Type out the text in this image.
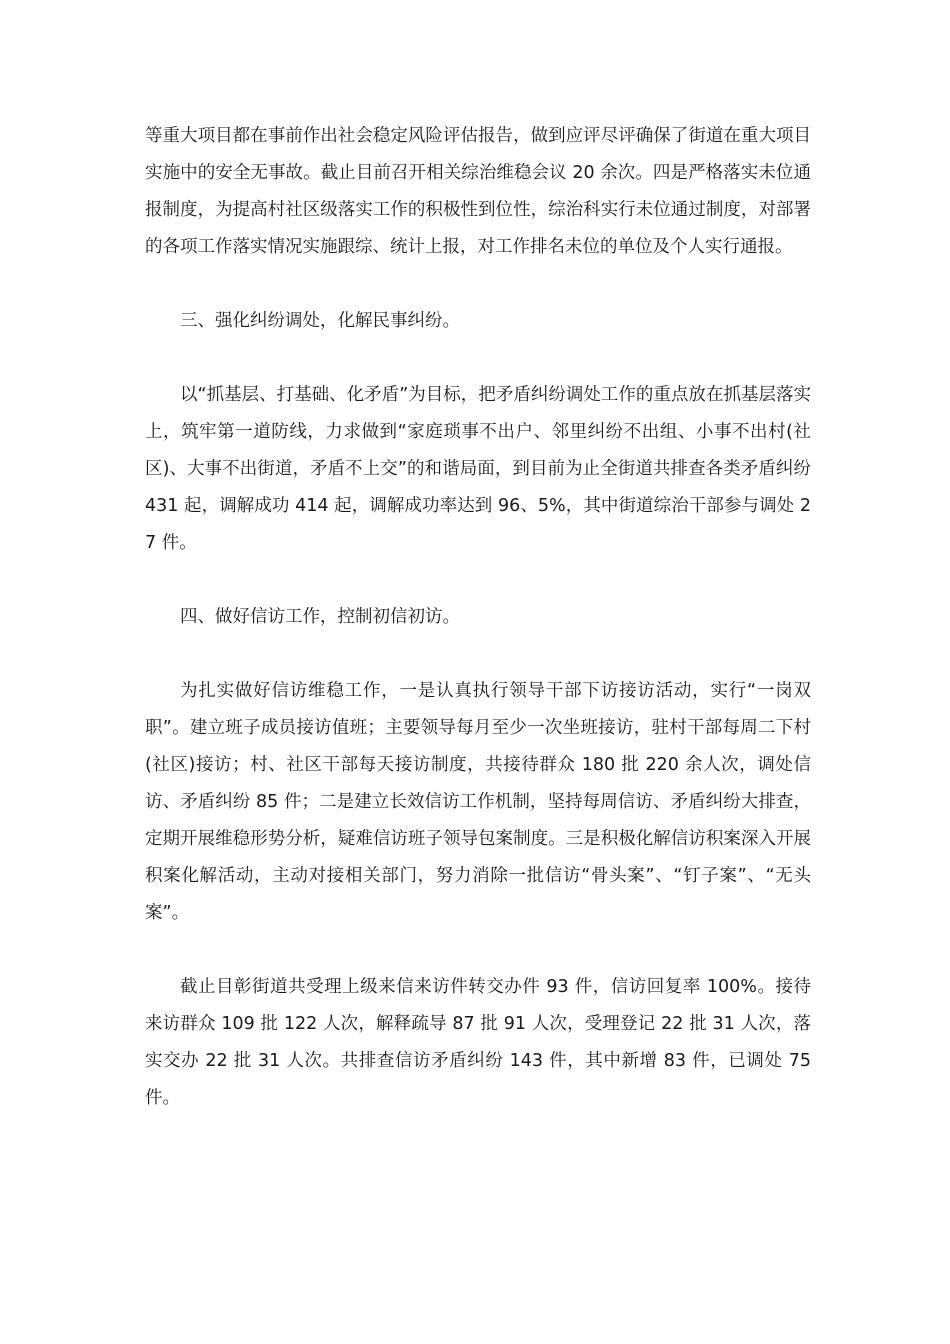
等重大项目都在事前作出社会稳定风险评估报告，做到应评尽评确保了街道在重大项目实施中的安全无事故。截止目前召开相关综治维稳会议 20 余次。四是严格落实未位通报制度，为提高村社区级落实工作的积极性到位性，综治科实行未位通过制度，对部署的各项工作落实情况实施跟综、统计上报，对工作排名未位的单位及个人实行通报。

三、强化纠纷调处，化解民事纠纷。

以“抓基层、打基础、化矛盾”为目标，把矛盾纠纷调处工作的重点放在抓基层落实上，筑牢第一道防线，力求做到“家庭琐事不出户、邻里纠纷不出组、小事不出村(社区)、大事不出街道，矛盾不上交”的和谐局面，到目前为止全街道共排查各类矛盾纠纷 431 起，调解成功 414 起，调解成功率达到 96、5%，其中街道综治干部参与调处 27 件。

四、做好信访工作，控制初信初访。

为扎实做好信访维稳工作，一是认真执行领导干部下访接访活动，实行“一岗双职”。建立班子成员接访值班；主要领导每月至少一次坐班接访，驻村干部每周二下村(社区)接访；村、社区干部每天接访制度，共接待群众 180 批 220 余人次，调处信访、矛盾纠纷 85 件；二是建立长效信访工作机制，坚持每周信访、矛盾纠纷大排查，定期开展维稳形势分析，疑难信访班子领导包案制度。三是积极化解信访积案深入开展积案化解活动，主动对接相关部门，努力消除一批信访“骨头案”、“钉子案”、“无头案”。

截止目彰街道共受理上级来信来访件转交办件 93 件，信访回复率 100%。接待来访群众 109 批 122 人次，解释疏导 87 批 91 人次，受理登记 22 批 31 人次，落实交办 22 批 31 人次。共排查信访矛盾纠纷 143 件，其中新增 83 件，已调处 75 件。
